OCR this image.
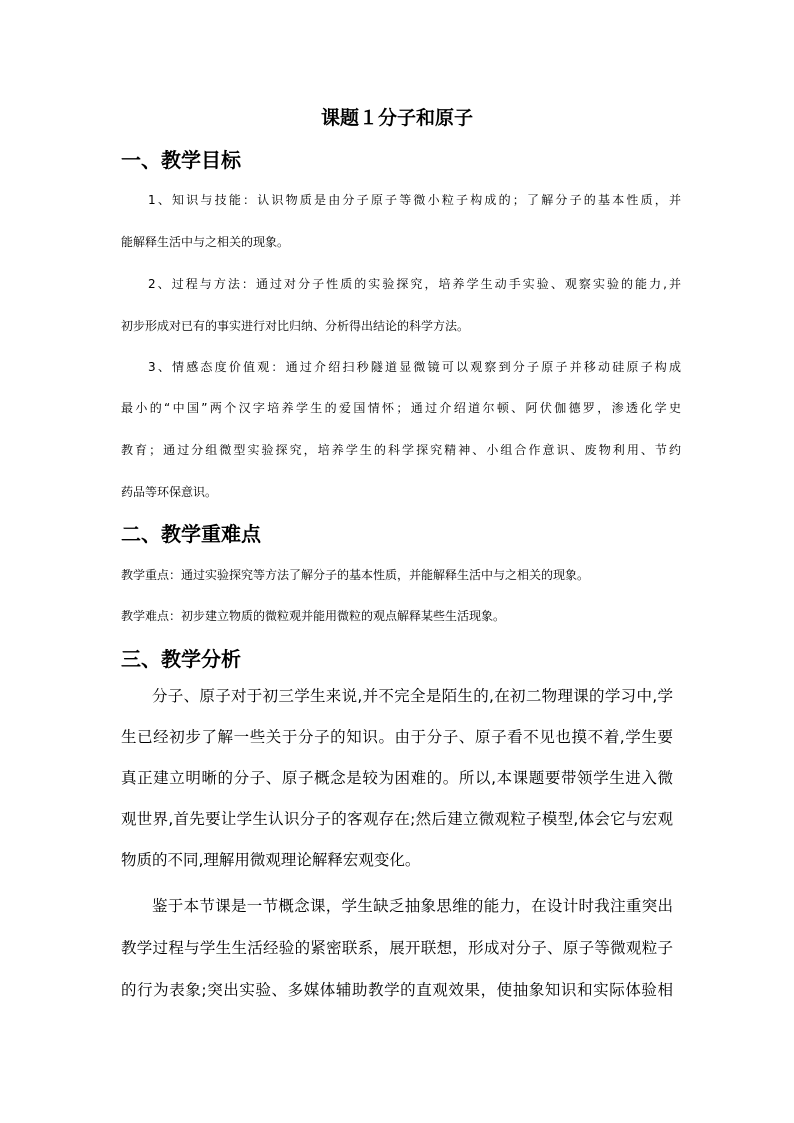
课题１分子和原子
一、教学目标
1、知识与技能：认识物质是由分子原子等微小粒子构成的；了解分子的基本性质，并
能解释生活中与之相关的现象。
2、过程与方法：通过对分子性质的实验探究，培养学生动手实验、观察实验的能力,并
初步形成对已有的事实进行对比归纳、分析得出结论的科学方法。
3、情感态度价值观：通过介绍扫秒隧道显微镜可以观察到分子原子并移动硅原子构成
最小的“中国”两个汉字培养学生的爱国情怀；通过介绍道尔顿、阿伏伽德罗，渗透化学史
教育；通过分组微型实验探究，培养学生的科学探究精神、小组合作意识、废物利用、节约
药品等环保意识。
二、教学重难点
教学重点：通过实验探究等方法了解分子的基本性质，并能解释生活中与之相关的现象。
教学难点：初步建立物质的微粒观并能用微粒的观点解释某些生活现象。
三、教学分析
分子、原子对于初三学生来说,并不完全是陌生的,在初二物理课的学习中,学
生已经初步了解一些关于分子的知识。由于分子、原子看不见也摸不着,学生要
真正建立明晰的分子、原子概念是较为困难的。所以,本课题要带领学生进入微
观世界,首先要让学生认识分子的客观存在;然后建立微观粒子模型,体会它与宏观
物质的不同,理解用微观理论解释宏观变化。
鉴于本节课是一节概念课，学生缺乏抽象思维的能力，在设计时我注重突出
教学过程与学生生活经验的紧密联系，展开联想，形成对分子、原子等微观粒子
的行为表象;突出实验、多媒体辅助教学的直观效果，使抽象知识和实际体验相
